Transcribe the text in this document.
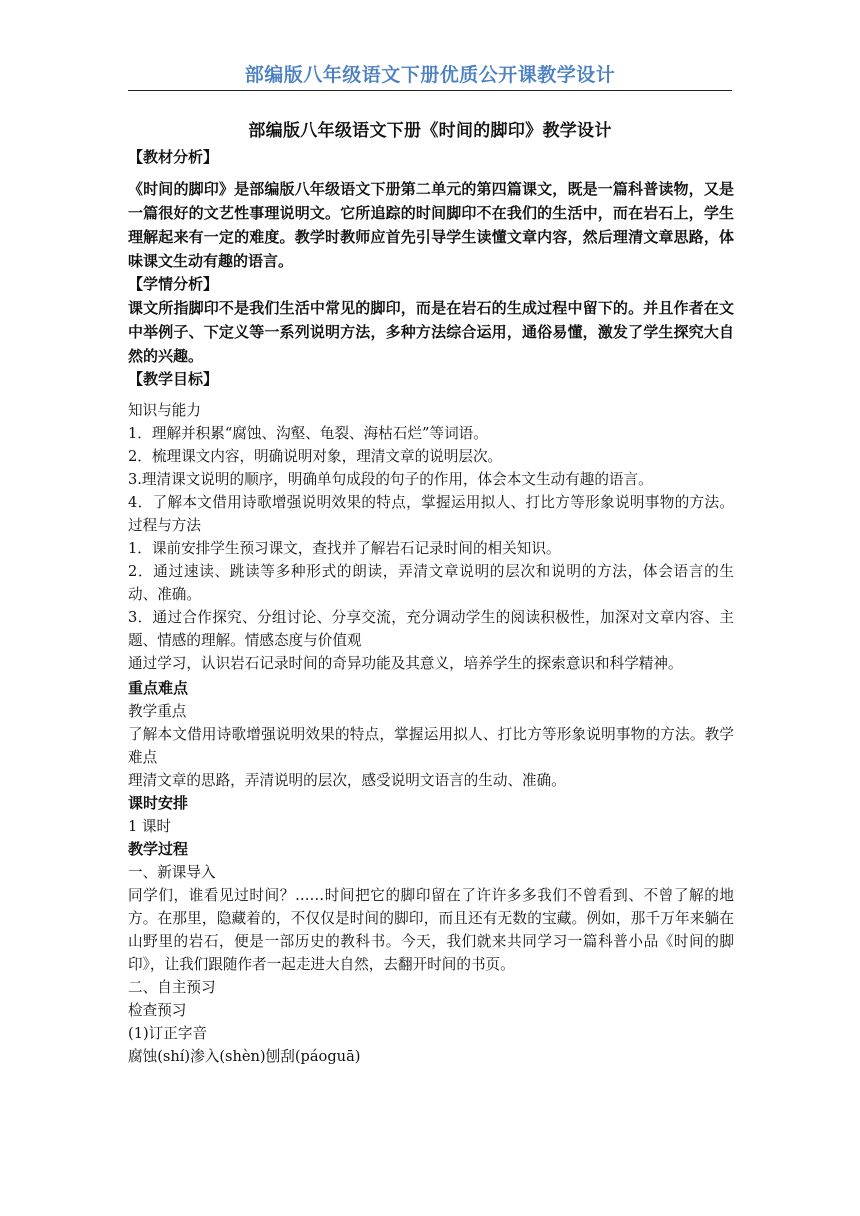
部编版八年级语文下册优质公开课教学设计
部编版八年级语文下册《时间的脚印》教学设计

【教材分析】

《时间的脚印》是部编版八年级语文下册第二单元的第四篇课文，既是一篇科普读物，又是一篇很好的文艺性事理说明文。它所追踪的时间脚印不在我们的生活中，而在岩石上，学生理解起来有一定的难度。教学时教师应首先引导学生读懂文章内容，然后理清文章思路，体味课文生动有趣的语言。

【学情分析】

课文所指脚印不是我们生活中常见的脚印，而是在岩石的生成过程中留下的。并且作者在文中举例子、下定义等一系列说明方法，多种方法综合运用，通俗易懂，激发了学生探究大自然的兴趣。

【教学目标】

知识与能力

1．理解并积累“腐蚀、沟壑、龟裂、海枯石烂”等词语。

2．梳理课文内容，明确说明对象，理清文章的说明层次。

3.理清课文说明的顺序，明确单句成段的句子的作用，体会本文生动有趣的语言。

4．了解本文借用诗歌增强说明效果的特点，掌握运用拟人、打比方等形象说明事物的方法。过程与方法

1．课前安排学生预习课文，查找并了解岩石记录时间的相关知识。

2．通过速读、跳读等多种形式的朗读，弄清文章说明的层次和说明的方法，体会语言的生动、准确。

3．通过合作探究、分组讨论、分享交流，充分调动学生的阅读积极性，加深对文章内容、主题、情感的理解。情感态度与价值观

通过学习，认识岩石记录时间的奇异功能及其意义，培养学生的探索意识和科学精神。

重点难点

教学重点

了解本文借用诗歌增强说明效果的特点，掌握运用拟人、打比方等形象说明事物的方法。教学难点

理清文章的思路，弄清说明的层次，感受说明文语言的生动、准确。

课时安排

1 课时

教学过程

一、新课导入

同学们，谁看见过时间？……时间把它的脚印留在了许许多多我们不曾看到、不曾了解的地方。在那里，隐藏着的，不仅仅是时间的脚印，而且还有无数的宝藏。例如，那千万年来躺在山野里的岩石，便是一部历史的教科书。今天，我们就来共同学习一篇科普小品《时间的脚印》，让我们跟随作者一起走进大自然，去翻开时间的书页。

二、自主预习

检查预习

(1)订正字音

腐蚀(shí)渗入(shèn)刨刮(páoguā)
